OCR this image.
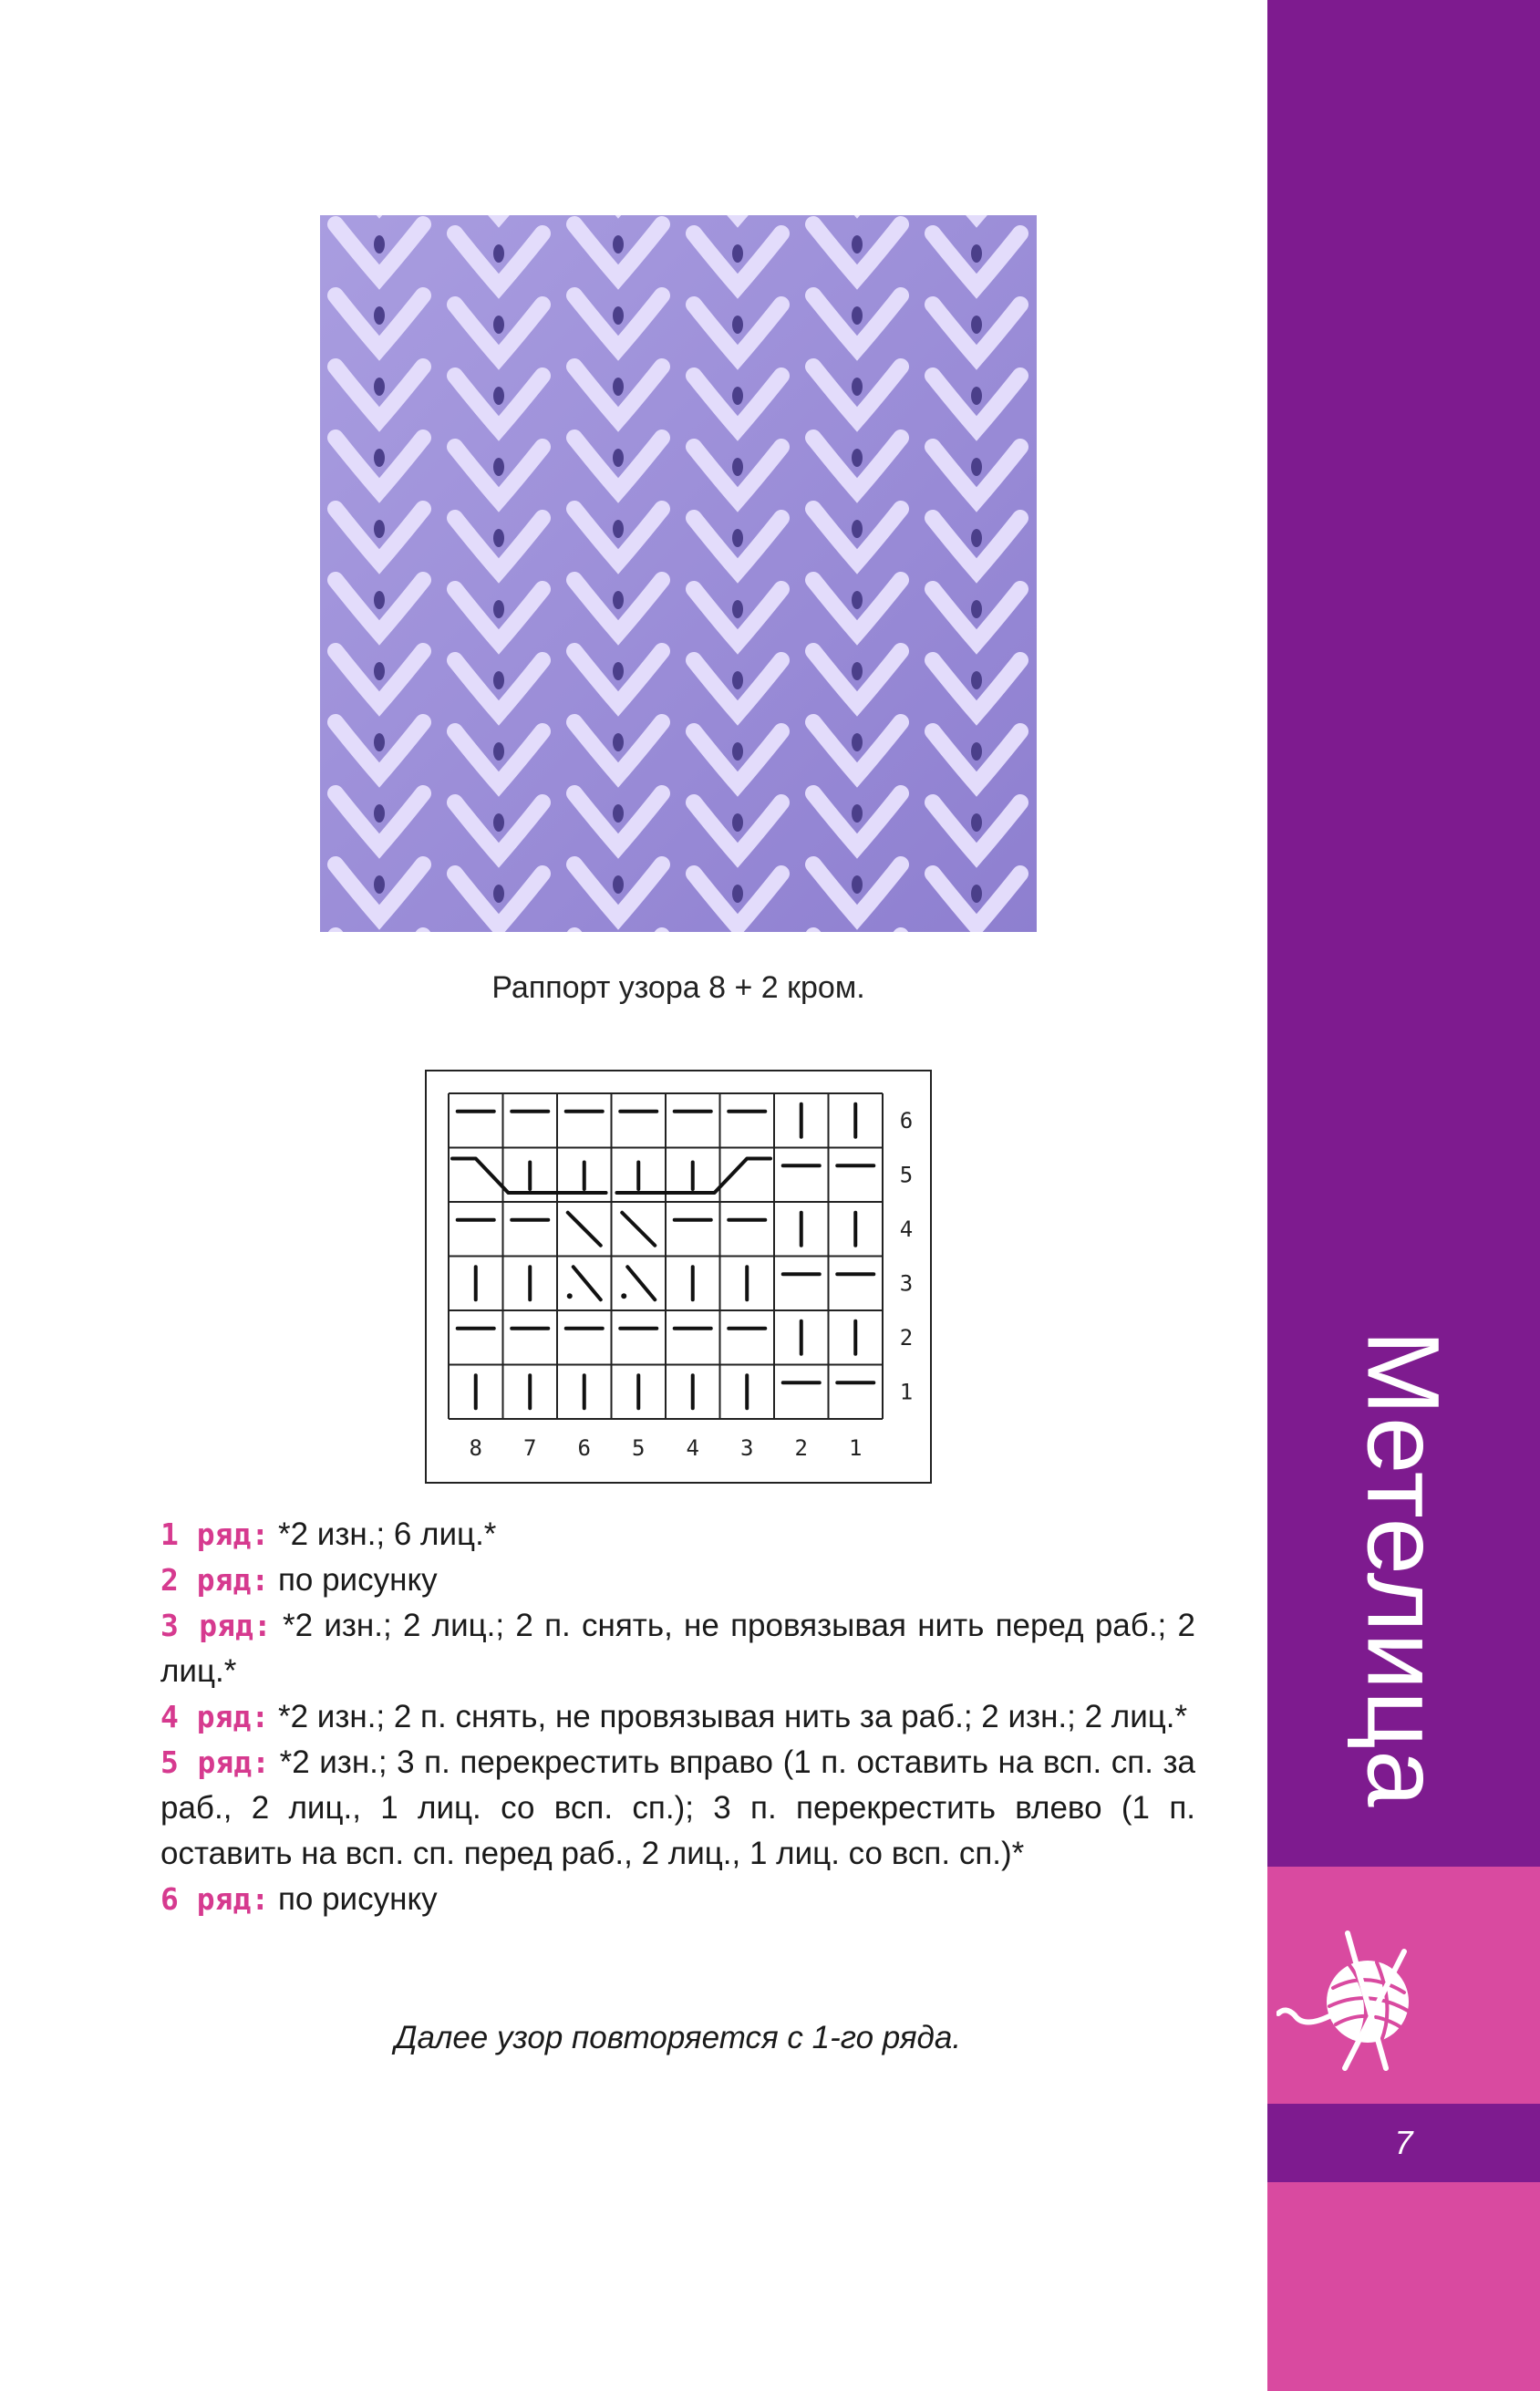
Метелица
7
Раппорт узора 8 + 2 кром.
6
5
4
3
2
1
8 7 6 5 4 3 2 1

1 ряд: *2 изн.; 6 лиц.*

2 ряд: по рисунку

3 ряд: *2 изн.; 2 лиц.; 2 п. снять, не провязывая нить перед раб.; 2 лиц.*

4 ряд: *2 изн.; 2 п. снять, не провязывая нить за раб.; 2 изн.; 2 лиц.*

5 ряд: *2 изн.; 3 п. перекрестить вправо (1 п. оставить на всп. сп. за раб., 2 лиц., 1 лиц. со всп. сп.); 3 п. перекрестить влево (1 п. оставить на всп. сп. перед раб., 2 лиц., 1 лиц. со всп. сп.)*

6 ряд: по рисунку

Далее узор повторяется с 1-го ряда.
